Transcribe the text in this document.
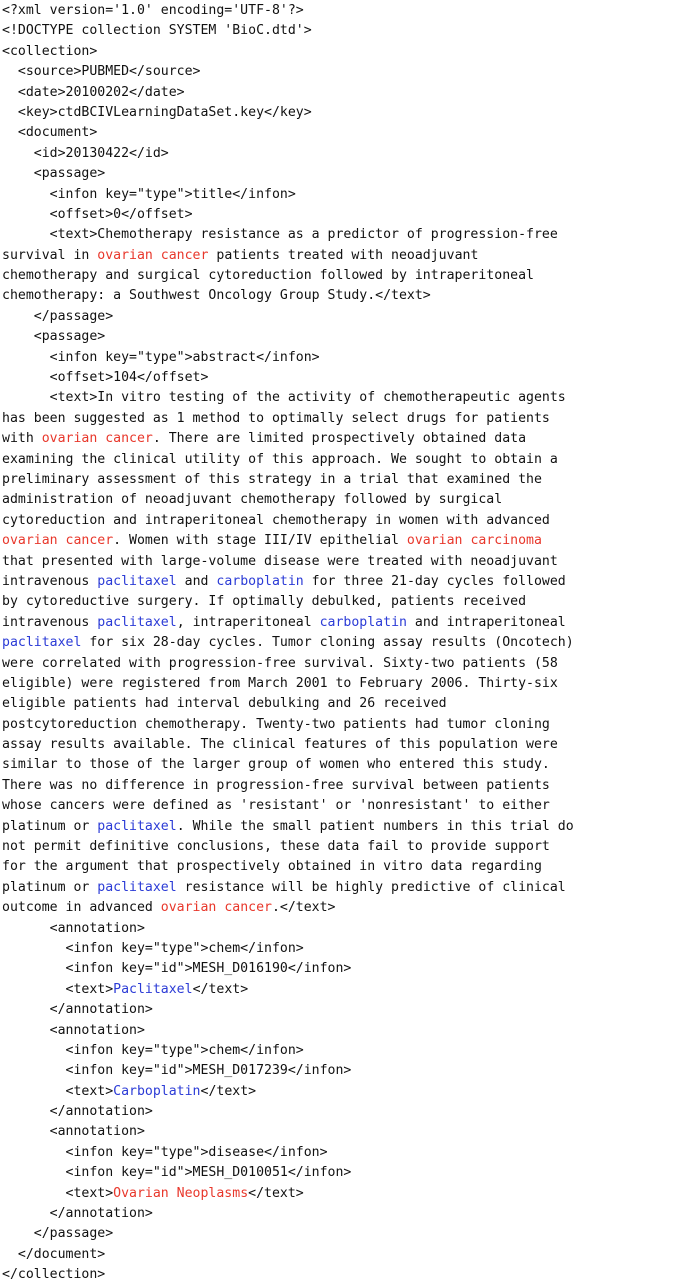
<?xml version='1.0' encoding='UTF-8'?>
<!DOCTYPE collection SYSTEM 'BioC.dtd'>
<collection>
<source>PUBMED</source>
<date>20100202</date>
<key>ctdBCIVLearningDataSet.key</key>
<document>
<id>20130422</id>
<passage>
<infon key="type">title</infon>
<offset>0</offset>
<text>Chemotherapy resistance as a predictor of progression-free
survival in ovarian cancer patients treated with neoadjuvant
chemotherapy and surgical cytoreduction followed by intraperitoneal
chemotherapy: a Southwest Oncology Group Study.</text>
</passage>
<passage>
<infon key="type">abstract</infon>
<offset>104</offset>
<text>In vitro testing of the activity of chemotherapeutic agents
has been suggested as 1 method to optimally select drugs for patients
with ovarian cancer. There are limited prospectively obtained data
examining the clinical utility of this approach. We sought to obtain a
preliminary assessment of this strategy in a trial that examined the
administration of neoadjuvant chemotherapy followed by surgical
cytoreduction and intraperitoneal chemotherapy in women with advanced
ovarian cancer. Women with stage III/IV epithelial ovarian carcinoma
that presented with large-volume disease were treated with neoadjuvant
intravenous paclitaxel and carboplatin for three 21-day cycles followed
by cytoreductive surgery. If optimally debulked, patients received
intravenous paclitaxel, intraperitoneal carboplatin and intraperitoneal
paclitaxel for six 28-day cycles. Tumor cloning assay results (Oncotech)
were correlated with progression-free survival. Sixty-two patients (58
eligible) were registered from March 2001 to February 2006. Thirty-six
eligible patients had interval debulking and 26 received
postcytoreduction chemotherapy. Twenty-two patients had tumor cloning
assay results available. The clinical features of this population were
similar to those of the larger group of women who entered this study.
There was no difference in progression-free survival between patients
whose cancers were defined as 'resistant' or 'nonresistant' to either
platinum or paclitaxel. While the small patient numbers in this trial do
not permit definitive conclusions, these data fail to provide support
for the argument that prospectively obtained in vitro data regarding
platinum or paclitaxel resistance will be highly predictive of clinical
outcome in advanced ovarian cancer.</text>
<annotation>
<infon key="type">chem</infon>
<infon key="id">MESH_D016190</infon>
<text>Paclitaxel</text>
</annotation>
<annotation>
<infon key="type">chem</infon>
<infon key="id">MESH_D017239</infon>
<text>Carboplatin</text>
</annotation>
<annotation>
<infon key="type">disease</infon>
<infon key="id">MESH_D010051</infon>
<text>Ovarian Neoplasms</text>
</annotation>
</passage>
</document>
</collection>
